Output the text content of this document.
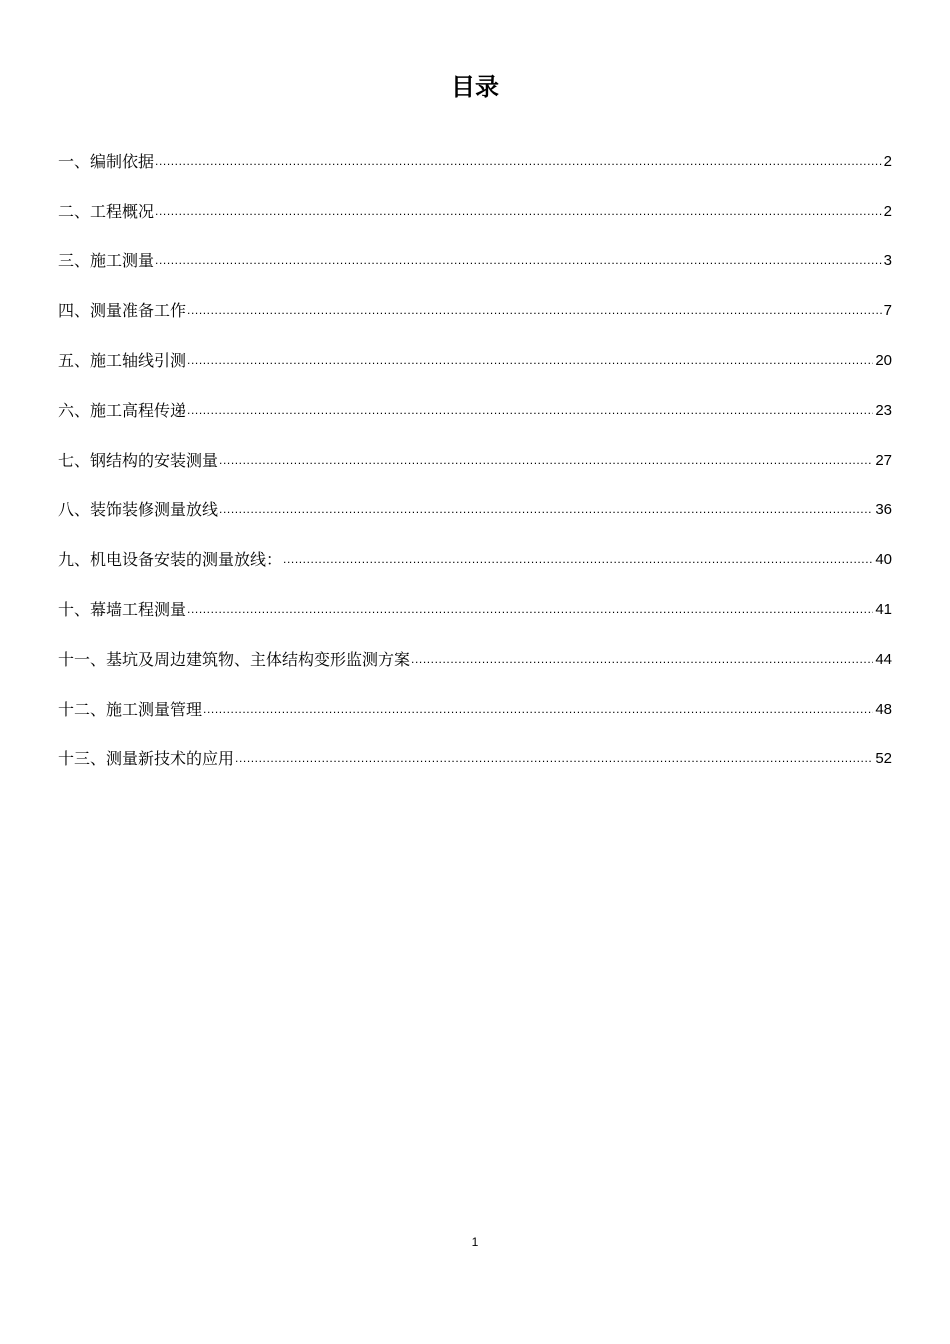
目录
一、编制依据 .....	2
二、工程概况 .....	2
三、施工测量 .....	3
四、测量准备工作 .....	7
五、施工轴线引测 .....	20
六、施工高程传递 .....	23
七、钢结构的安装测量 .....	27
八、装饰装修测量放线 .....	36
九、机电设备安装的测量放线： .....	40
十、幕墙工程测量 .....	41
十一、基坑及周边建筑物、主体结构变形监测方案 .....	44
十二、施工测量管理 .....	48
十三、测量新技术的应用 .....	52
1
